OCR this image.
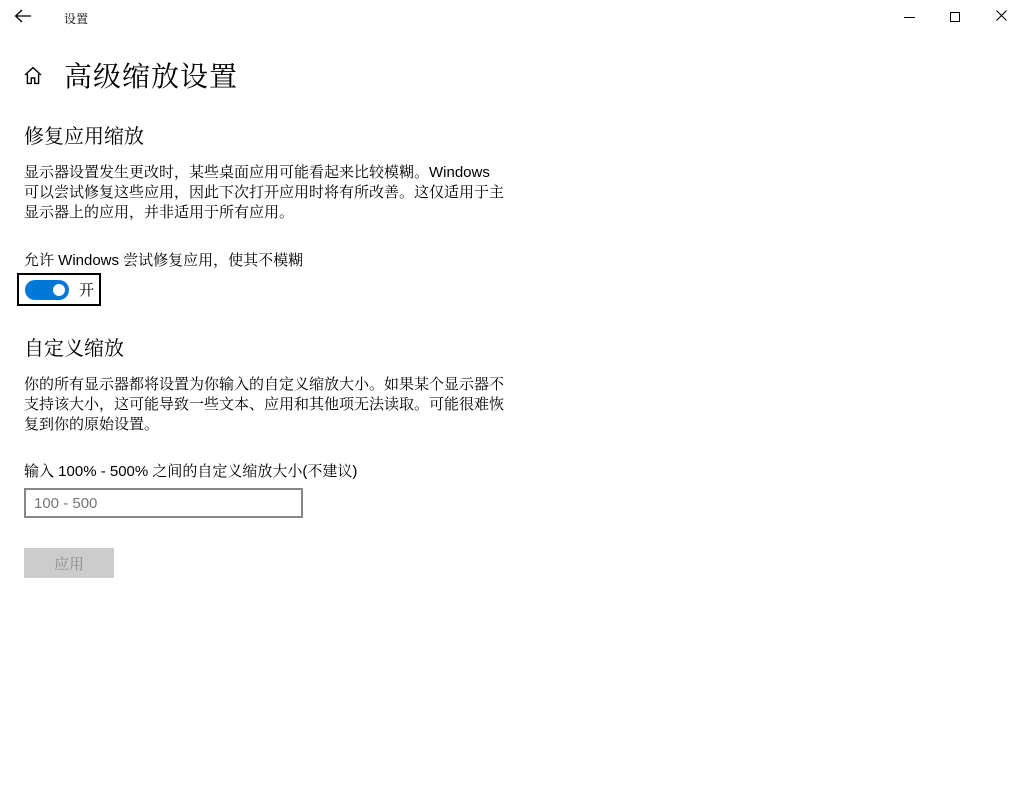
设置
高级缩放设置
修复应用缩放
显示器设置发生更改时，某些桌面应用可能看起来比较模糊。Windows
可以尝试修复这些应用，因此下次打开应用时将有所改善。这仅适用于主
显示器上的应用，并非适用于所有应用。
允许 Windows 尝试修复应用，使其不模糊
开
自定义缩放
你的所有显示器都将设置为你输入的自定义缩放大小。如果某个显示器不
支持该大小，这可能导致一些文本、应用和其他项无法读取。可能很难恢
复到你的原始设置。
输入 100% - 500% 之间的自定义缩放大小(不建议)
100 - 500 应用
